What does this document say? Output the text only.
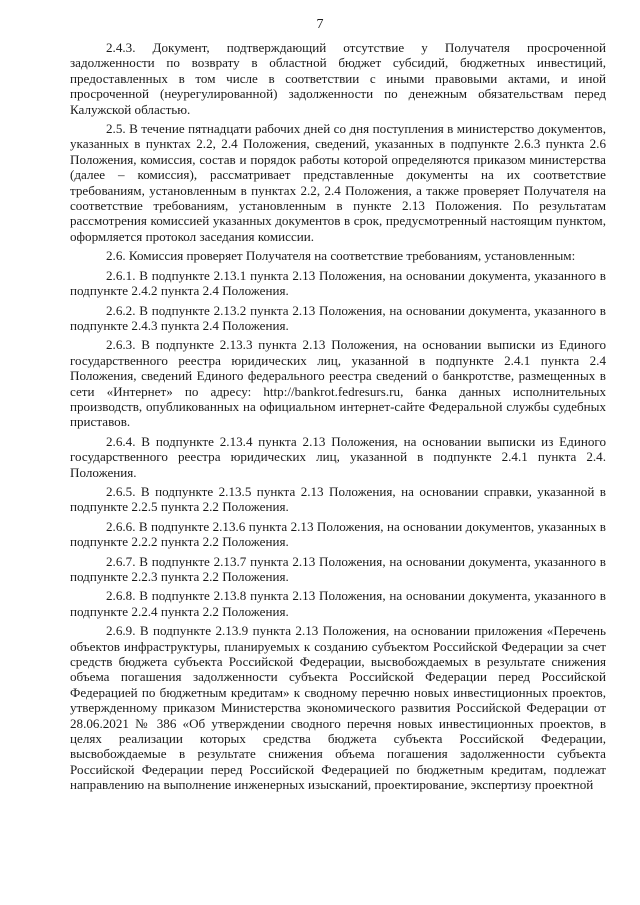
7

2.4.3. Документ, подтверждающий отсутствие у Получателя просроченной задолженности по возврату в областной бюджет субсидий, бюджетных инвестиций, предоставленных в том числе в соответствии с иными правовыми актами, и иной просроченной (неурегулированной) задолженности по денежным обязательствам перед Калужской областью.

2.5. В течение пятнадцати рабочих дней со дня поступления в министерство документов, указанных в пунктах 2.2, 2.4 Положения, сведений, указанных в подпункте 2.6.3 пункта 2.6 Положения, комиссия, состав и порядок работы которой определяются приказом министерства (далее – комиссия), рассматривает представленные документы на их соответствие требованиям, установленным в пунктах 2.2, 2.4 Положения, а также проверяет Получателя на соответствие требованиям, установленным в пункте 2.13 Положения. По результатам рассмотрения комиссией указанных документов в срок, предусмотренный настоящим пунктом, оформляется протокол заседания комиссии.

2.6. Комиссия проверяет Получателя на соответствие требованиям, установленным:

2.6.1. В подпункте 2.13.1 пункта 2.13 Положения, на основании документа, указанного в подпункте 2.4.2 пункта 2.4 Положения.

2.6.2. В подпункте 2.13.2 пункта 2.13 Положения, на основании документа, указанного в подпункте 2.4.3 пункта 2.4 Положения.

2.6.3. В подпункте 2.13.3 пункта 2.13 Положения, на основании выписки из Единого государственного реестра юридических лиц, указанной в подпункте 2.4.1 пункта 2.4 Положения, сведений Единого федерального реестра сведений о банкротстве, размещенных в сети «Интернет» по адресу: http://bankrot.fedresurs.ru, банка данных исполнительных производств, опубликованных на официальном интернет-сайте Федеральной службы судебных приставов.

2.6.4. В подпункте 2.13.4 пункта 2.13 Положения, на основании выписки из Единого государственного реестра юридических лиц, указанной в подпункте 2.4.1 пункта 2.4. Положения.

2.6.5. В подпункте 2.13.5 пункта 2.13 Положения, на основании справки, указанной в подпункте 2.2.5 пункта 2.2 Положения.

2.6.6. В подпункте 2.13.6 пункта 2.13 Положения, на основании документов, указанных в подпункте 2.2.2 пункта 2.2 Положения.

2.6.7. В подпункте 2.13.7 пункта 2.13 Положения, на основании документа, указанного в подпункте 2.2.3 пункта 2.2 Положения.

2.6.8. В подпункте 2.13.8 пункта 2.13 Положения, на основании документа, указанного в подпункте 2.2.4 пункта 2.2 Положения.

2.6.9. В подпункте 2.13.9 пункта 2.13 Положения, на основании приложения «Перечень объектов инфраструктуры, планируемых к созданию субъектом Российской Федерации за счет средств бюджета субъекта Российской Федерации, высвобождаемых в результате снижения объема погашения задолженности субъекта Российской Федерации перед Российской Федерацией по бюджетным кредитам» к сводному перечню новых инвестиционных проектов, утвержденному приказом Министерства экономического развития Российской Федерации от 28.06.2021 № 386 «Об утверждении сводного перечня новых инвестиционных проектов, в целях реализации которых средства бюджета субъекта Российской Федерации, высвобождаемые в результате снижения объема погашения задолженности субъекта Российской Федерации перед Российской Федерацией по бюджетным кредитам, подлежат направлению на выполнение инженерных изысканий, проектирование, экспертизу проектной
